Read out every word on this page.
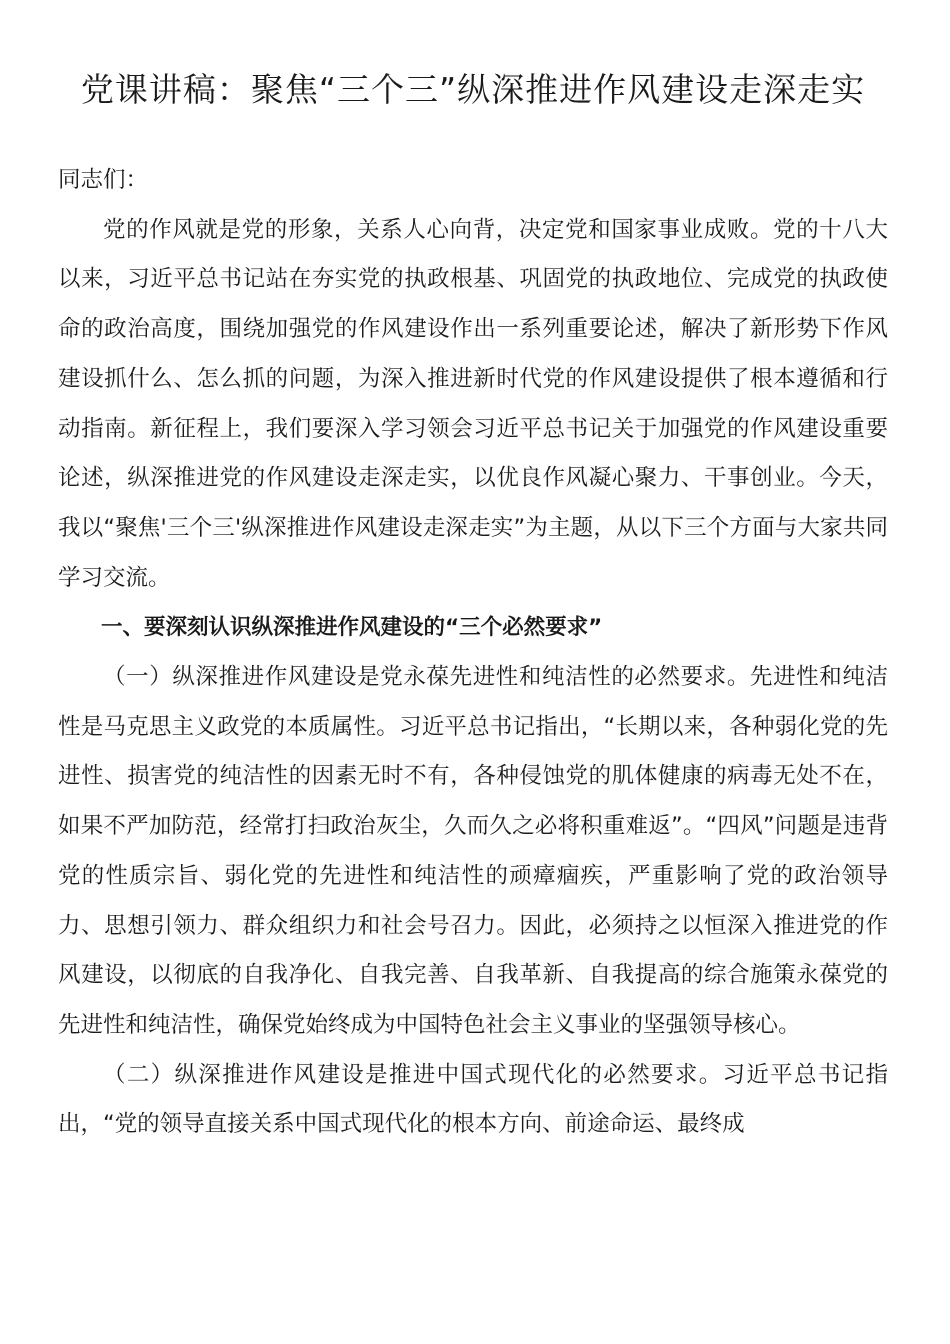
党课讲稿：聚焦“三个三”纵深推进作风建设走深走实

同志们：

党的作风就是党的形象，关系人心向背，决定党和国家事业成败。党的十八大以来，习近平总书记站在夯实党的执政根基、巩固党的执政地位、完成党的执政使命的政治高度，围绕加强党的作风建设作出一系列重要论述，解决了新形势下作风建设抓什么、怎么抓的问题，为深入推进新时代党的作风建设提供了根本遵循和行动指南。新征程上，我们要深入学习领会习近平总书记关于加强党的作风建设重要论述，纵深推进党的作风建设走深走实，以优良作风凝心聚力、干事创业。今天，我以“聚焦'三个三'纵深推进作风建设走深走实”为主题，从以下三个方面与大家共同学习交流。

一、要深刻认识纵深推进作风建设的“三个必然要求”

（一）纵深推进作风建设是党永葆先进性和纯洁性的必然要求。先进性和纯洁性是马克思主义政党的本质属性。习近平总书记指出，“长期以来，各种弱化党的先进性、损害党的纯洁性的因素无时不有，各种侵蚀党的肌体健康的病毒无处不在，如果不严加防范，经常打扫政治灰尘，久而久之必将积重难返”。“四风”问题是违背党的性质宗旨、弱化党的先进性和纯洁性的顽瘴痼疾，严重影响了党的政治领导力、思想引领力、群众组织力和社会号召力。因此，必须持之以恒深入推进党的作风建设，以彻底的自我净化、自我完善、自我革新、自我提高的综合施策永葆党的先进性和纯洁性，确保党始终成为中国特色社会主义事业的坚强领导核心。

（二）纵深推进作风建设是推进中国式现代化的必然要求。习近平总书记指出，“党的领导直接关系中国式现代化的根本方向、前途命运、最终成
